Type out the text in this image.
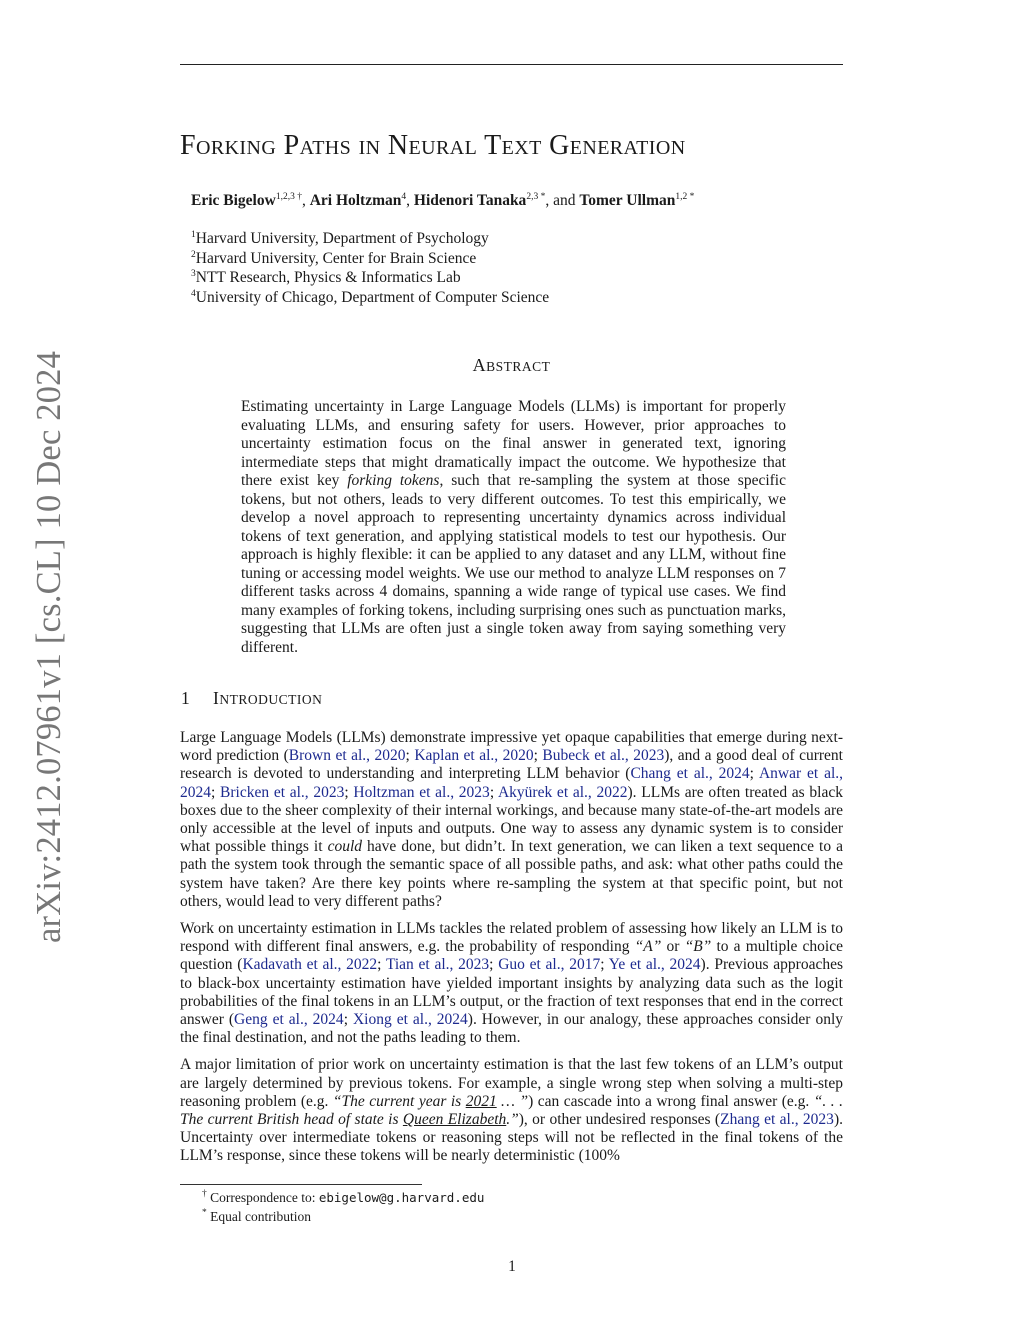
arXiv:2412.07961v1 [cs.CL] 10 Dec 2024
FORKING PATHS IN NEURAL TEXT GENERATION
Eric Bigelow$^{1,2,3 \dagger}$, Ari Holtzman$^4$, Hidenori Tanaka$^{2,3 *}$, and Tomer Ullman$^{1,2 *}$
$^1$Harvard University, Department of Psychology
$^2$Harvard University, Center for Brain Science
$^3$NTT Research, Physics & Informatics Lab
$^4$University of Chicago, Department of Computer Science
ABSTRACT

Estimating uncertainty in Large Language Models (LLMs) is important for properly evaluating LLMs, and ensuring safety for users. However, prior approaches to uncertainty estimation focus on the final answer in generated text, ignoring intermediate steps that might dramatically impact the outcome. We hypothesize that there exist key forking tokens, such that re-sampling the system at those specific tokens, but not others, leads to very different outcomes. To test this empirically, we develop a novel approach to representing uncertainty dynamics across individual tokens of text generation, and applying statistical models to test our hypothesis. Our approach is highly flexible: it can be applied to any dataset and any LLM, without fine tuning or accessing model weights. We use our method to analyze LLM responses on 7 different tasks across 4 domains, spanning a wide range of typical use cases. We find many examples of forking tokens, including surprising ones such as punctuation marks, suggesting that LLMs are often just a single token away from saying something very different.

1 INTRODUCTION

Large Language Models (LLMs) demonstrate impressive yet opaque capabilities that emerge during next-word prediction (Brown et al., 2020; Kaplan et al., 2020; Bubeck et al., 2023), and a good deal of current research is devoted to understanding and interpreting LLM behavior (Chang et al., 2024; Anwar et al., 2024; Bricken et al., 2023; Holtzman et al., 2023; Akyürek et al., 2022). LLMs are often treated as black boxes due to the sheer complexity of their internal workings, and because many state-of-the-art models are only accessible at the level of inputs and outputs. One way to assess any dynamic system is to consider what possible things it could have done, but didn’t. In text generation, we can liken a text sequence to a path the system took through the semantic space of all possible paths, and ask: what other paths could the system have taken? Are there key points where re-sampling the system at that specific point, but not others, would lead to very different paths?

Work on uncertainty estimation in LLMs tackles the related problem of assessing how likely an LLM is to respond with different final answers, e.g. the probability of responding “A” or “B” to a multiple choice question (Kadavath et al., 2022; Tian et al., 2023; Guo et al., 2017; Ye et al., 2024). Previous approaches to black-box uncertainty estimation have yielded important insights by analyzing data such as the logit probabilities of the final tokens in an LLM’s output, or the fraction of text responses that end in the correct answer (Geng et al., 2024; Xiong et al., 2024). However, in our analogy, these approaches consider only the final destination, and not the paths leading to them.

A major limitation of prior work on uncertainty estimation is that the last few tokens of an LLM’s output are largely determined by previous tokens. For example, a single wrong step when solving a multi-step reasoning problem (e.g. “The current year is 2021 … ”) can cascade into a wrong final answer (e.g. “. . . The current British head of state is Queen Elizabeth.”), or other undesired responses (Zhang et al., 2023). Uncertainty over intermediate tokens or reasoning steps will not be reflected in the final tokens of the LLM’s response, since these tokens will be nearly deterministic (100%

† Correspondence to: ebigelow@g.harvard.edu
* Equal contribution
1
